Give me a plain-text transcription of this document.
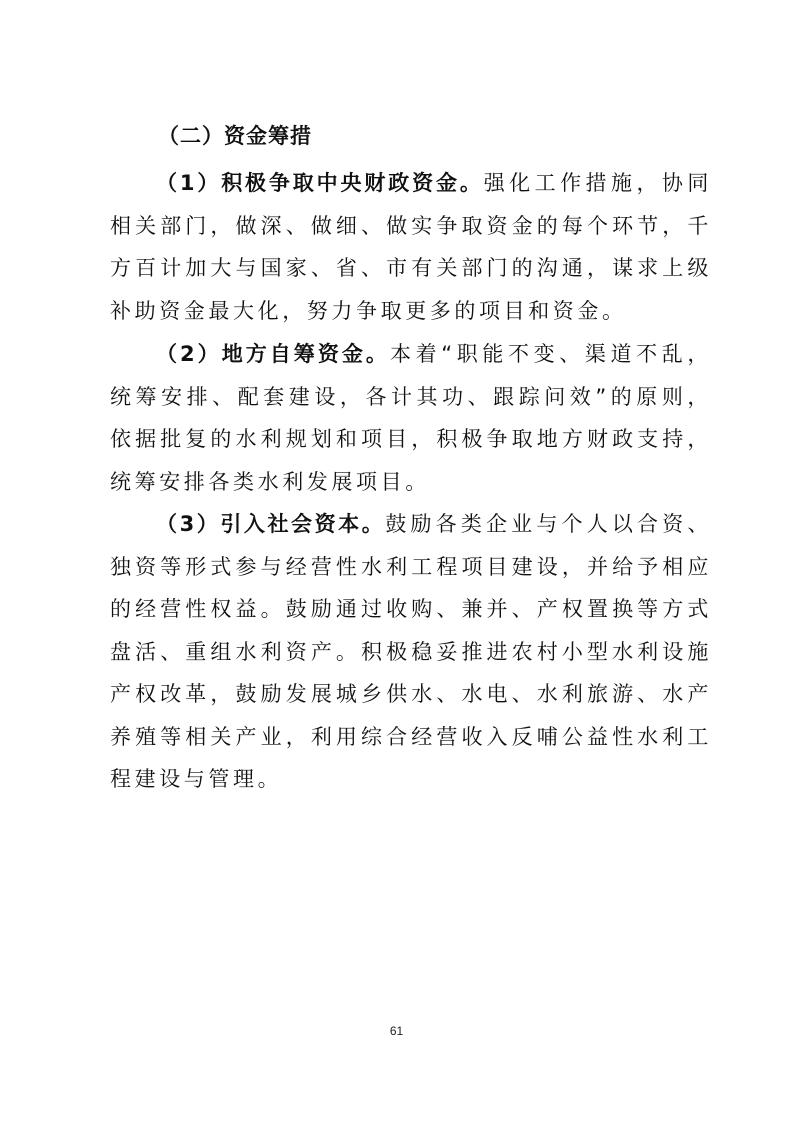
（二）资金筹措

（1）积极争取中央财政资金。强化工作措施，协同相关部门，做深、做细、做实争取资金的每个环节，千方百计加大与国家、省、市有关部门的沟通，谋求上级补助资金最大化，努力争取更多的项目和资金。

（2）地方自筹资金。本着“职能不变、渠道不乱，统筹安排、配套建设，各计其功、跟踪问效”的原则，依据批复的水利规划和项目，积极争取地方财政支持，统筹安排各类水利发展项目。

（3）引入社会资本。鼓励各类企业与个人以合资、独资等形式参与经营性水利工程项目建设，并给予相应的经营性权益。鼓励通过收购、兼并、产权置换等方式盘活、重组水利资产。积极稳妥推进农村小型水利设施产权改革，鼓励发展城乡供水、水电、水利旅游、水产养殖等相关产业，利用综合经营收入反哺公益性水利工程建设与管理。

61
